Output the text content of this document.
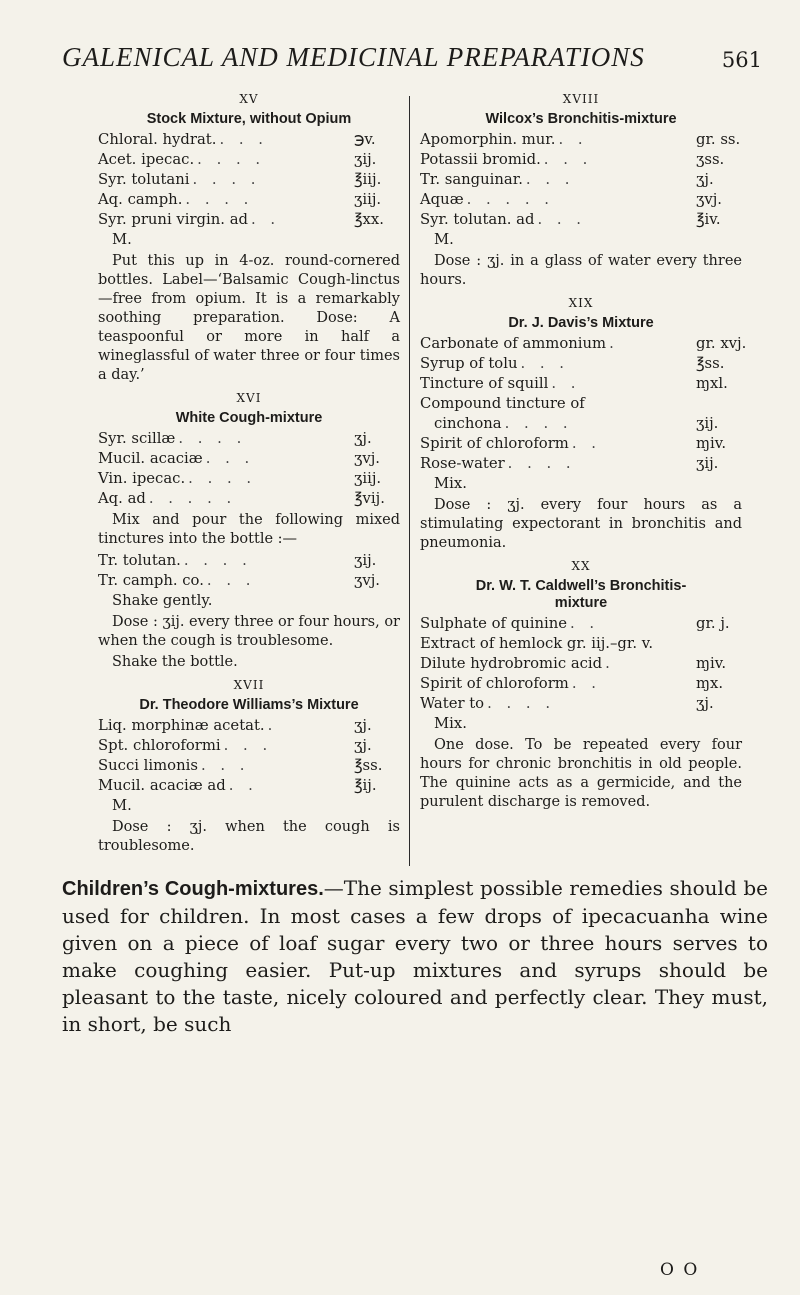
GALENICAL AND MEDICINAL PREPARATIONS	561
XV
Stock Mixture, without Opium
Chloral. hydrat. . . .	℈v.
Acet. ipecac. . . . .	ʒij.
Syr. tolutani . . . .	℥iij.
Aq. camph. . . . .	ʒiij.
Syr. pruni virgin. ad . .	℥xx.
M.

Put this up in 4-oz. round-cornered bottles. Label—‘Balsamic Cough-linctus—free from opium. It is a remarkably soothing preparation. Dose: A teaspoonful or more in half a wineglassful of water three or four times a day.’

XVI
White Cough-mixture
Syr. scillæ . . . .	ʒj.
Mucil. acaciæ . . .	ʒvj.
Vin. ipecac. . . . .	ʒiij.
Aq. ad . . . . .	℥vij.

Mix and pour the following mixed tinctures into the bottle :—

Tr. tolutan. . . . .	ʒij.
Tr. camph. co. . . .	ʒvj.
Shake gently.

Dose : ʒij. every three or four hours, or when the cough is troublesome.

Shake the bottle.

XVII
Dr. Theodore Williams’s Mixture
Liq. morphinæ acetat. .	ʒj.
Spt. chloroformi . . .	ʒj.
Succi limonis . . .	℥ss.
Mucil. acaciæ ad . .	℥ij.
M.

Dose : ʒj. when the cough is troublesome.

XVIII
Wilcox’s Bronchitis-mixture
Apomorphin. mur. . .	gr. ss.
Potassii bromid. . . .	ʒss.
Tr. sanguinar. . . .	ʒj.
Aquæ . . . . .	ʒvj.
Syr. tolutan. ad . . .	℥iv.
M.

Dose : ʒj. in a glass of water every three hours.

XIX
Dr. J. Davis’s Mixture
Carbonate of ammonium .	gr. xvj.
Syrup of tolu . . .	℥ss.
Tincture of squill . .	ɱxl.
Compound tincture of
cinchona . . . .	ʒij.
Spirit of chloroform . .	ɱiv.
Rose-water . . . .	ʒij.
Mix.

Dose : ʒj. every four hours as a stimulating expectorant in bronchitis and pneumonia.

XX
Dr. W. T. Caldwell’s Bronchitis-
mixture
Sulphate of quinine . .	gr. j.
Extract of hemlock gr. iij.–gr. v.
Dilute hydrobromic acid .	ɱiv.
Spirit of chloroform . .	ɱx.
Water to . . . .	ʒj.
Mix.

One dose. To be repeated every four hours for chronic bronchitis in old people. The quinine acts as a germicide, and the purulent discharge is removed.

Children’s Cough-mixtures.—The simplest possible remedies should be used for children. In most cases a few drops of ipecacuanha wine given on a piece of loaf sugar every two or three hours serves to make coughing easier. Put-up mixtures and syrups should be pleasant to the taste, nicely coloured and perfectly clear. They must, in short, be such
O O
